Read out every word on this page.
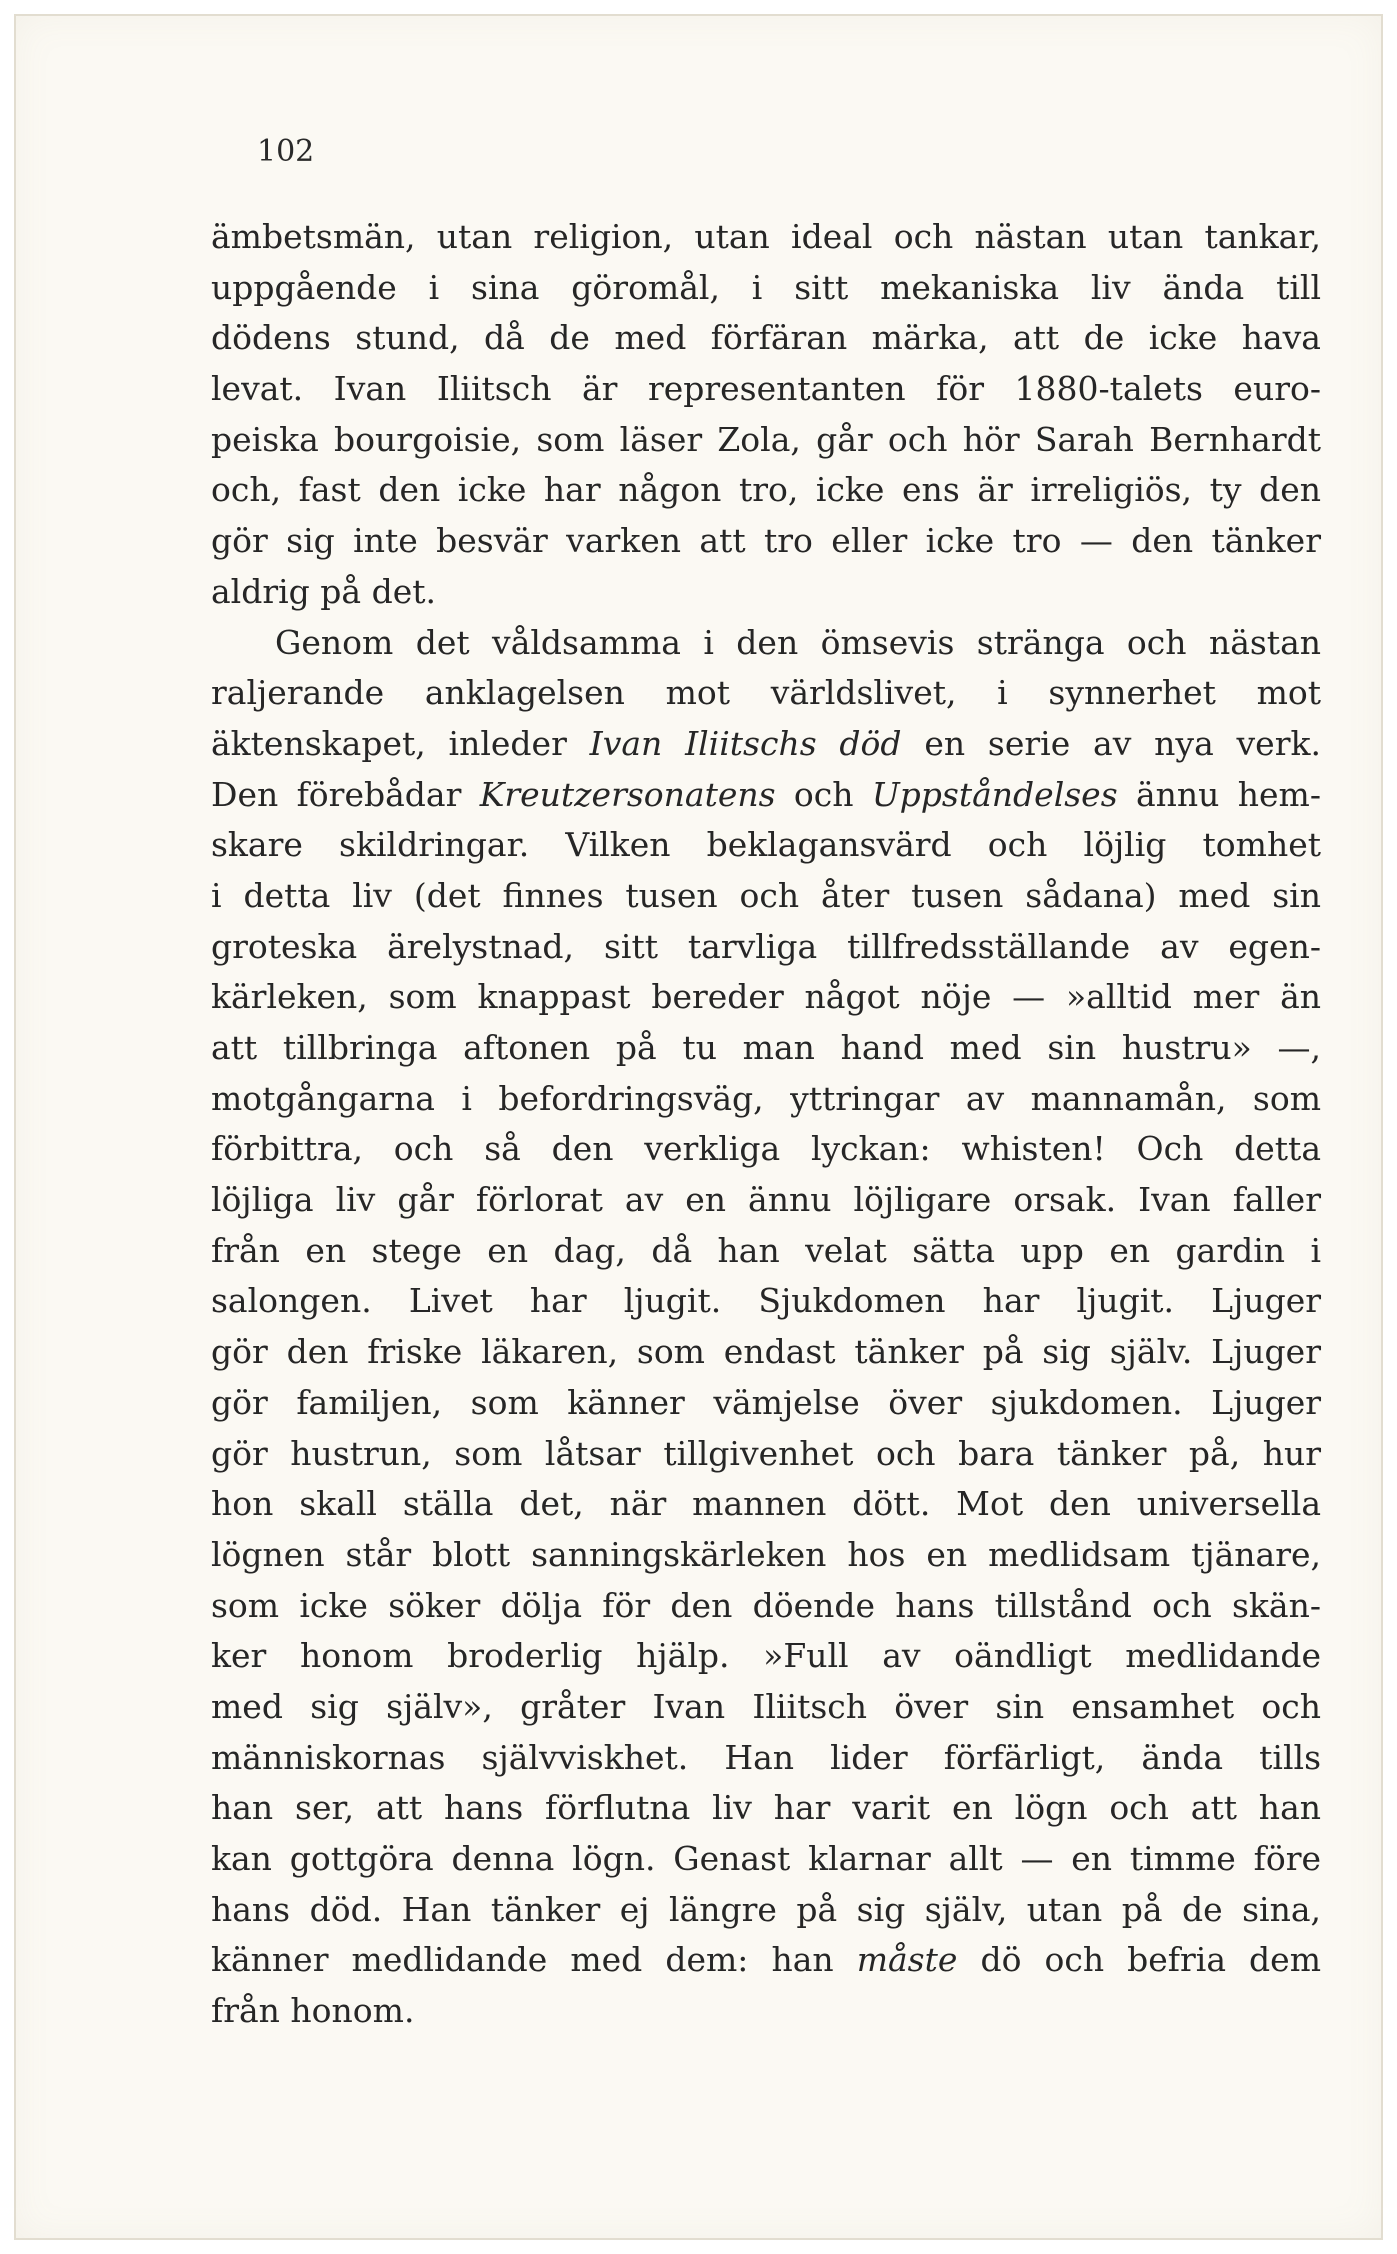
102

ämbetsmän, utan religion, utan ideal och nästan utan tankar,
uppgående i sina göromål, i sitt mekaniska liv ända till
dödens stund, då de med förfäran märka, att de icke hava
levat. Ivan Iliitsch är representanten för 1880-talets euro-
peiska bourgoisie, som läser Zola, går och hör Sarah Bernhardt
och, fast den icke har någon tro, icke ens är irreligiös, ty den
gör sig inte besvär varken att tro eller icke tro — den tänker
aldrig på det.
Genom det våldsamma i den ömsevis stränga och nästan
raljerande anklagelsen mot världslivet, i synnerhet mot
äktenskapet, inleder Ivan Iliitschs död en serie av nya verk.
Den förebådar Kreutzersonatens och Uppståndelses ännu hem-
skare skildringar. Vilken beklagansvärd och löjlig tomhet
i detta liv (det finnes tusen och åter tusen sådana) med sin
groteska ärelystnad, sitt tarvliga tillfredsställande av egen-
kärleken, som knappast bereder något nöje — »alltid mer än
att tillbringa aftonen på tu man hand med sin hustru» —,
motgångarna i befordringsväg, yttringar av mannamån, som
förbittra, och så den verkliga lyckan: whisten! Och detta
löjliga liv går förlorat av en ännu löjligare orsak. Ivan faller
från en stege en dag, då han velat sätta upp en gardin i
salongen. Livet har ljugit. Sjukdomen har ljugit. Ljuger
gör den friske läkaren, som endast tänker på sig själv. Ljuger
gör familjen, som känner vämjelse över sjukdomen. Ljuger
gör hustrun, som låtsar tillgivenhet och bara tänker på, hur
hon skall ställa det, när mannen dött. Mot den universella
lögnen står blott sanningskärleken hos en medlidsam tjänare,
som icke söker dölja för den döende hans tillstånd och skän-
ker honom broderlig hjälp. »Full av oändligt medlidande
med sig själv», gråter Ivan Iliitsch över sin ensamhet och
människornas självviskhet. Han lider förfärligt, ända tills
han ser, att hans förflutna liv har varit en lögn och att han
kan gottgöra denna lögn. Genast klarnar allt — en timme före
hans död. Han tänker ej längre på sig själv, utan på de sina,
känner medlidande med dem: han måste dö och befria dem
från honom.
